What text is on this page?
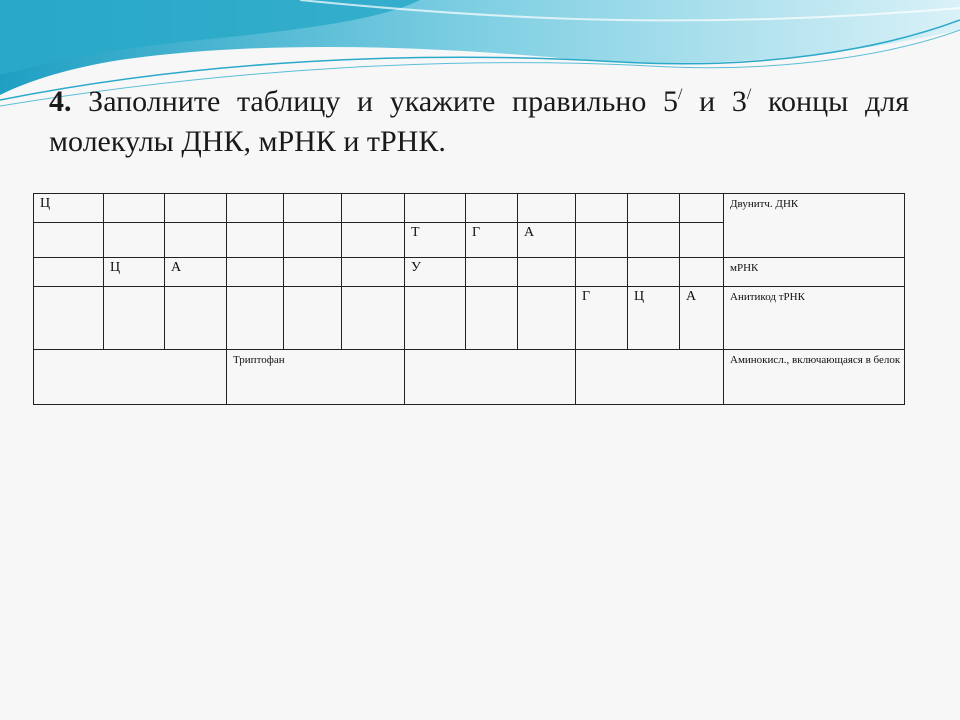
4. Заполните таблицу и укажите правильно 5/ и 3/ концы для
молекулы ДНК, мРНК и тРНК.
Ц												Двунитч. ДНК
						Т	Г	А				
	Ц	А				У						мРНК
									Г	Ц	А	Анитикод тРНК
			Триптофан									Аминокисл., включающаяся в белок
